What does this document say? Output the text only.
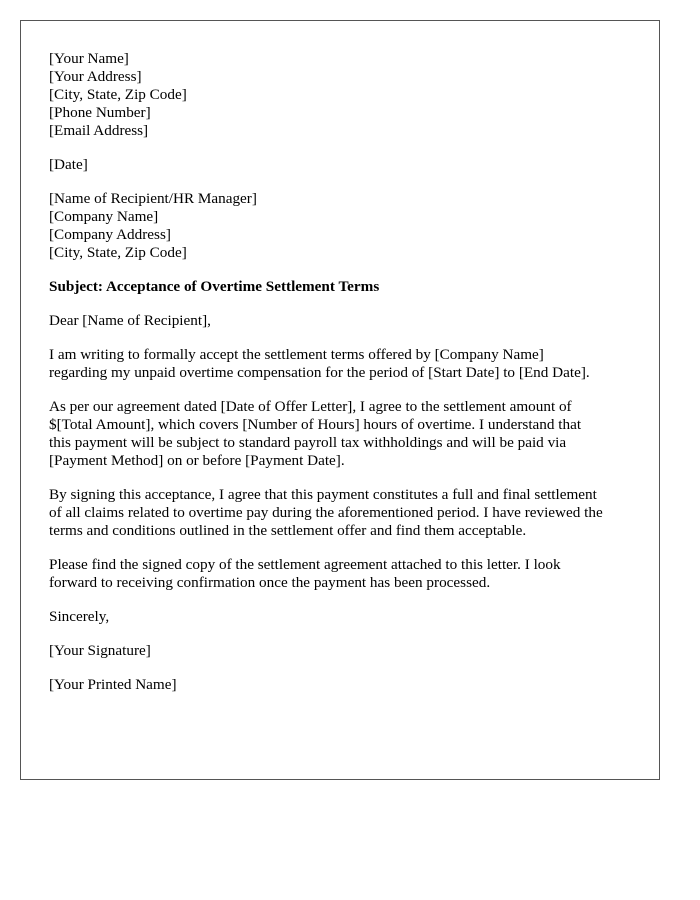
[Your Name]
[Your Address]
[City, State, Zip Code]
[Phone Number]
[Email Address]
[Date]
[Name of Recipient/HR Manager]
[Company Name]
[Company Address]
[City, State, Zip Code]
Subject: Acceptance of Overtime Settlement Terms

Dear [Name of Recipient],

I am writing to formally accept the settlement terms offered by [Company Name]
regarding my unpaid overtime compensation for the period of [Start Date] to [End Date].

As per our agreement dated [Date of Offer Letter], I agree to the settlement amount of
$[Total Amount], which covers [Number of Hours] hours of overtime. I understand that
this payment will be subject to standard payroll tax withholdings and will be paid via
[Payment Method] on or before [Payment Date].

By signing this acceptance, I agree that this payment constitutes a full and final settlement
of all claims related to overtime pay during the aforementioned period. I have reviewed the
terms and conditions outlined in the settlement offer and find them acceptable.

Please find the signed copy of the settlement agreement attached to this letter. I look
forward to receiving confirmation once the payment has been processed.

Sincerely,

[Your Signature]

[Your Printed Name]
